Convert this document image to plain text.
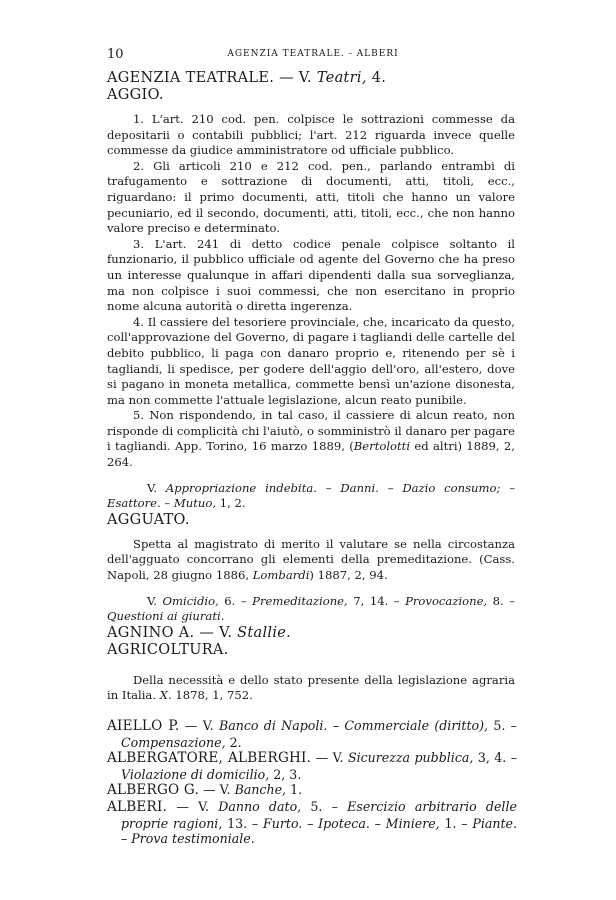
10	AGENZIA TEATRALE. - ALBERI

AGENZIA TEATRALE. — V. Teatri, 4.

AGGIO.

1. L'art. 210 cod. pen. colpisce le sottrazioni commesse da depositarii o contabili pubblici; l'art. 212 riguarda invece quelle commesse da giudice amministratore od ufficiale pubblico.

2. Gli articoli 210 e 212 cod. pen., parlando entrambi di trafugamento e sottrazione di documenti, atti, titoli, ecc., riguardano: il primo documenti, atti, titoli che hanno un valore pecuniario, ed il secondo, documenti, atti, titoli, ecc., che non hanno valore preciso e determinato.

3. L'art. 241 di detto codice penale colpisce soltanto il funzionario, il pubblico ufficiale od agente del Governo che ha preso un interesse qualunque in affari dipendenti dalla sua sorveglianza, ma non colpisce i suoi commessi, che non esercitano in proprio nome alcuna autorità o diretta ingerenza.

4. Il cassiere del tesoriere provinciale, che, incaricato da questo, coll'approvazione del Governo, di pagare i tagliandi delle cartelle del debito pubblico, li paga con danaro proprio e, ritenendo per sè i tagliandi, li spedisce, per godere dell'aggio dell'oro, all'estero, dove si pagano in moneta metallica, commette bensì un'azione disonesta, ma non commette l'attuale legislazione, alcun reato punibile.

5. Non rispondendo, in tal caso, il cassiere di alcun reato, non risponde di complicità chi l'aiutò, o somministrò il danaro per pagare i tagliandi. App. Torino, 16 marzo 1889, (Bertolotti ed altri) 1889, 2, 264.

V. Appropriazione indebita. – Danni. – Dazio consumo; – Esattore. – Mutuo, 1, 2.

AGGUATO.

Spetta al magistrato di merito il valutare se nella circostanza dell'agguato concorrano gli elementi della premeditazione. (Cass. Napoli, 28 giugno 1886, Lombardi) 1887, 2, 94.

V. Omicidio, 6. – Premeditazione, 7, 14. – Provocazione, 8. – Questioni ai giurati.

AGNINO A. — V. Stallie.

AGRICOLTURA.

Della necessità e dello stato presente della legislazione agraria in Italia. X. 1878, 1, 752.

AIELLO P. — V. Banco di Napoli. – Commerciale (diritto), 5. – Compensazione, 2.

ALBERGATORE, ALBERGHI. — V. Sicurezza pubblica, 3, 4. – Violazione di domicilio, 2, 3.

ALBERGO G. — V. Banche, 1.

ALBERI. — V. Danno dato, 5. – Esercizio arbitrario delle proprie ragioni, 13. – Furto. – Ipoteca. – Miniere, 1. – Piante. – Prova testimoniale.
